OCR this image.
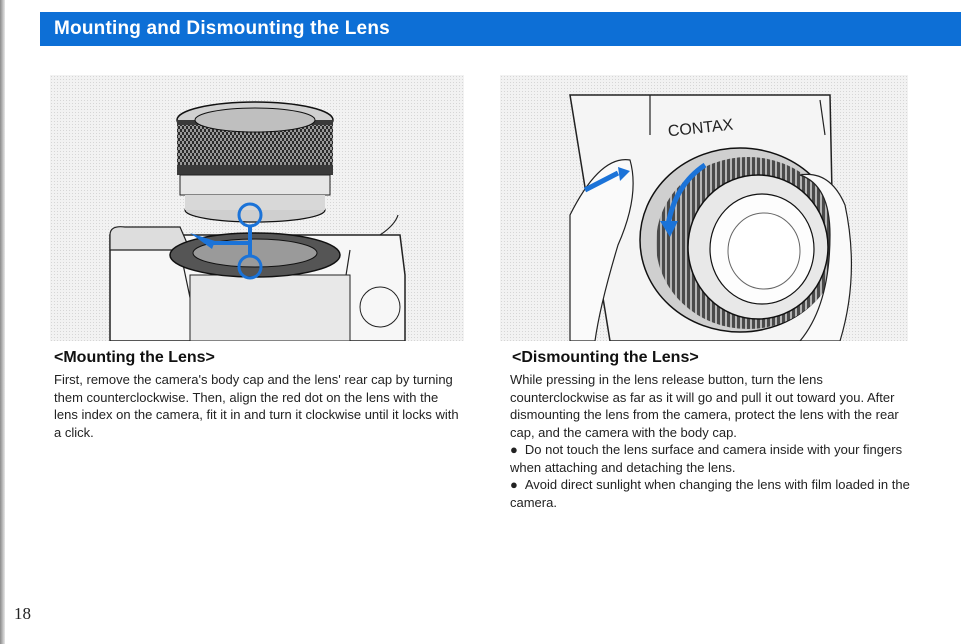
Mounting and Dismounting the Lens
CONTAX
<Mounting the Lens>

First, remove the camera's body cap and the lens' rear cap by turning them counterclockwise. Then, align the red dot on the lens with the lens index on the camera, fit it in and turn it clockwise until it locks with a click.

<Dismounting the Lens>

While pressing in the lens release button, turn the lens counterclockwise as far as it will go and pull it out toward you. After dismounting the lens from the camera, protect the lens with the rear cap, and the camera with the body cap.

● Do not touch the lens surface and camera inside with your fingers when attaching and detaching the lens.

● Avoid direct sunlight when changing the lens with film loaded in the camera.

18
